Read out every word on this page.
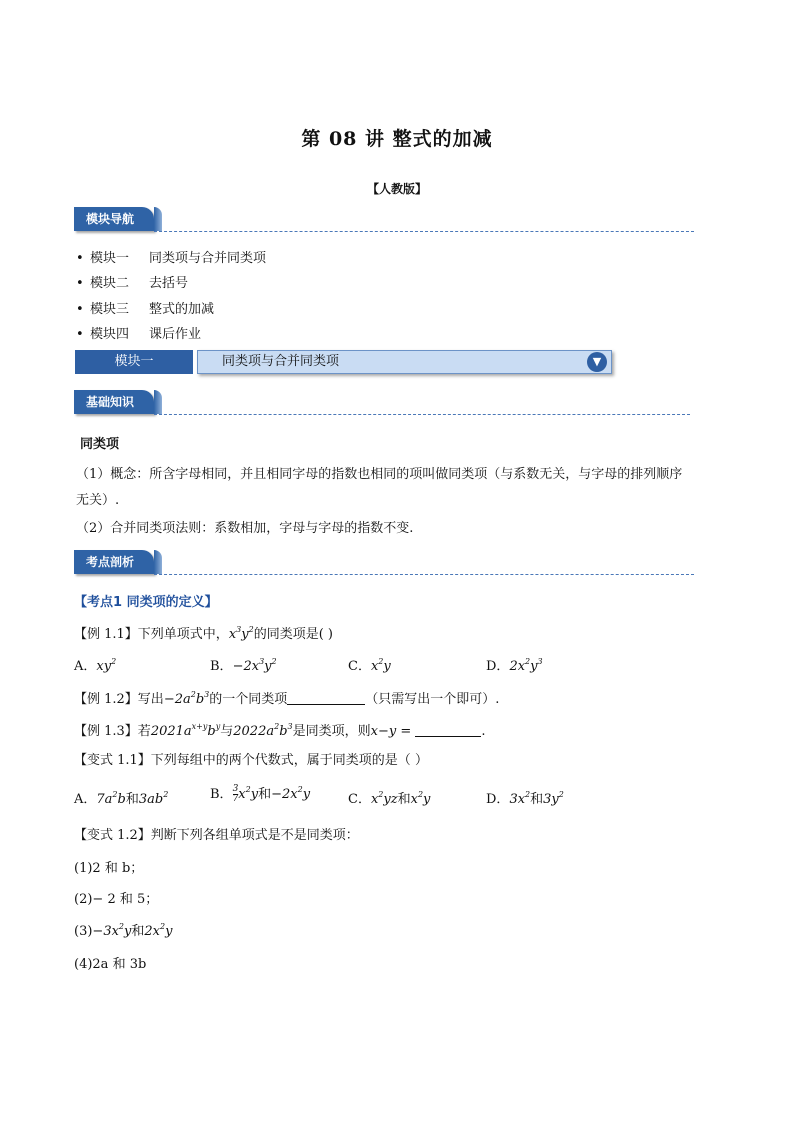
第 08 讲 整式的加减
【人教版】
模块导航
• 模块一 同类项与合并同类项
• 模块二 去括号
• 模块三 整式的加减
• 模块四 课后作业
模块一	同类项与合并同类项	▼
基础知识
同类项
（1）概念：所含字母相同，并且相同字母的指数也相同的项叫做同类项（与系数无关，与字母的排列顺序
无关）.
（2）合并同类项法则：系数相加，字母与字母的指数不变.
考点剖析
【考点1 同类项的定义】
【例 1.1】下列单项式中，$x^3y^2$的同类项是( )
A．$xy^2$	B．$-2x^3y^2$	C．$x^2y$	D．$2x^2y^3$
【例 1.2】写出$-2a^2b^3$的一个同类项	（只需写出一个即可）.
【例 1.3】若$2021a^{x+y}b^y$与$2022a^2b^3$是同类项，则x−y =	.
【变式 1.1】下列每组中的两个代数式，属于同类项的是（ ）
A．$7a^2b$和$3ab^2$	B． $\frac{3}{7} x^2y$和$-2x^2y$	C．$x^2yz$和$x^2y$	D．$3x^2$和$3y^2$
【变式 1.2】判断下列各组单项式是不是同类项：
(1)2 和 b；
(2)− 2 和 5；
$(3)-3x^2y$和$2x^2y$
(4)2a 和 3b
